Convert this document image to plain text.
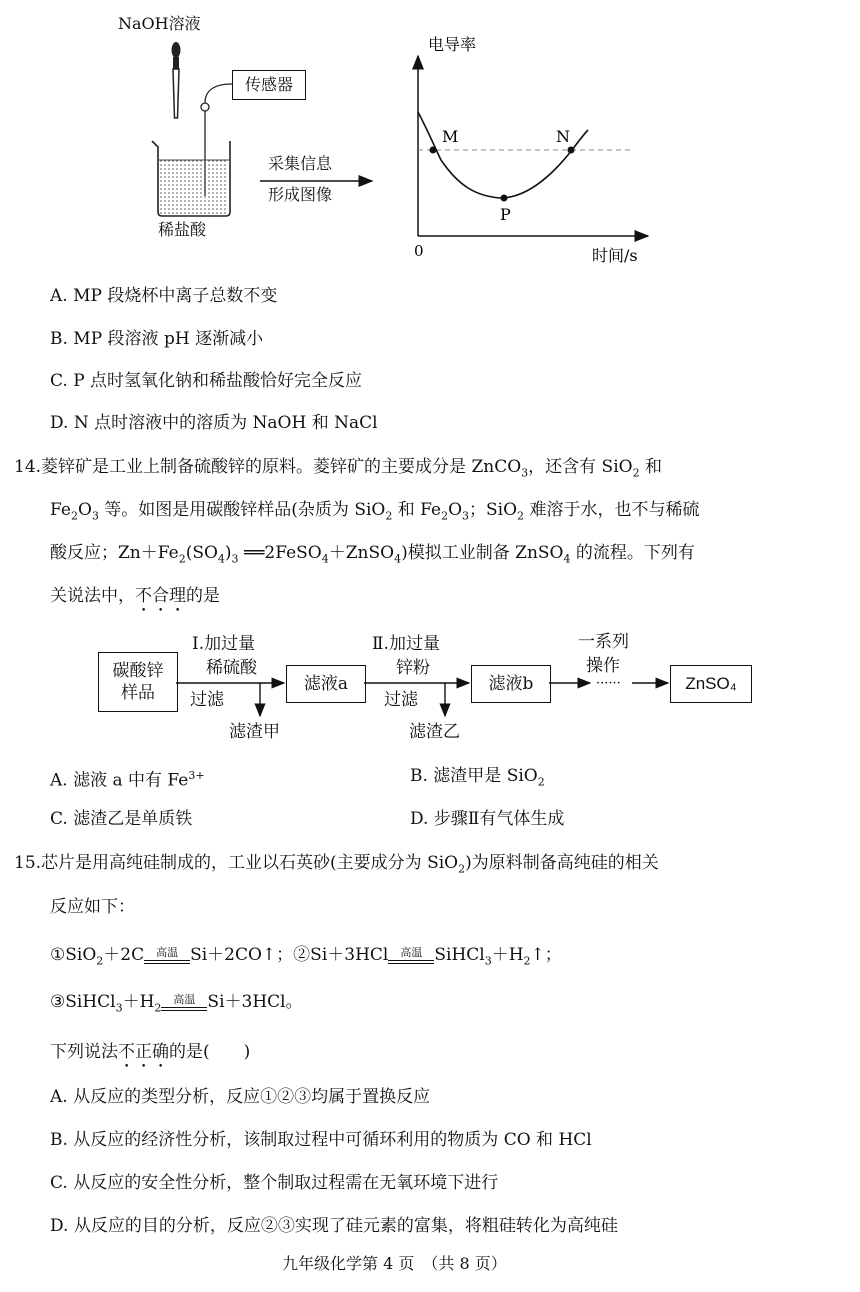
NaOH溶液
传感器
采集信息
形成图像
稀盐酸
M
P
N
电导率
时间/s
0
A. MP 段烧杯中离子总数不变
B. MP 段溶液 pH 逐渐减小
C. P 点时氢氧化钠和稀盐酸恰好完全反应
D. N 点时溶液中的溶质为 NaOH 和 NaCl
14.菱锌矿是工业上制备硫酸锌的原料。菱锌矿的主要成分是 ZnCO$_3$，还含有 SiO$_2$ 和
$Fe_2O_3$ 等。如图是用碳酸锌样品(杂质为 SiO$_2$ 和 $Fe_2O_3$；SiO$_2$ 难溶于水，也不与稀硫
酸反应；$Zn+Fe_2(SO_4)_3$ ══2FeSO$_4$＋ZnSO$_4$)模拟工业制备 ZnSO$_4$ 的流程。下列有
关说法中，不合理的是
碳酸锌
样品
Ⅰ.加过量
稀硫酸
过滤
滤渣甲
滤液a
Ⅱ.加过量
锌粉
过滤
滤渣乙
滤液b
一系列
操作
······	ZnSO₄
A. 滤液 a 中有 $Fe^{3+}$	B. 滤渣甲是 SiO$_2$
C. 滤渣乙是单质铁	D. 步骤Ⅱ有气体生成
15.芯片是用高纯硅制成的，工业以石英砂(主要成分为 SiO$_2$)为原料制备高纯硅的相关
反应如下：
①SiO$_2$＋2C	高温 Si＋2CO↑；②Si＋3HCl	高温 $SiHCl_3+H_2↑$；
$③SiHCl_3+H_2$
高温 Si＋3HCl。
下列说法不正确的是(　　)
A. 从反应的类型分析，反应①②③均属于置换反应
B. 从反应的经济性分析，该制取过程中可循环利用的物质为 CO 和 HCl
C. 从反应的安全性分析，整个制取过程需在无氧环境下进行
D. 从反应的目的分析，反应②③实现了硅元素的富集，将粗硅转化为高纯硅
九年级化学第 4 页　（共 8 页）
